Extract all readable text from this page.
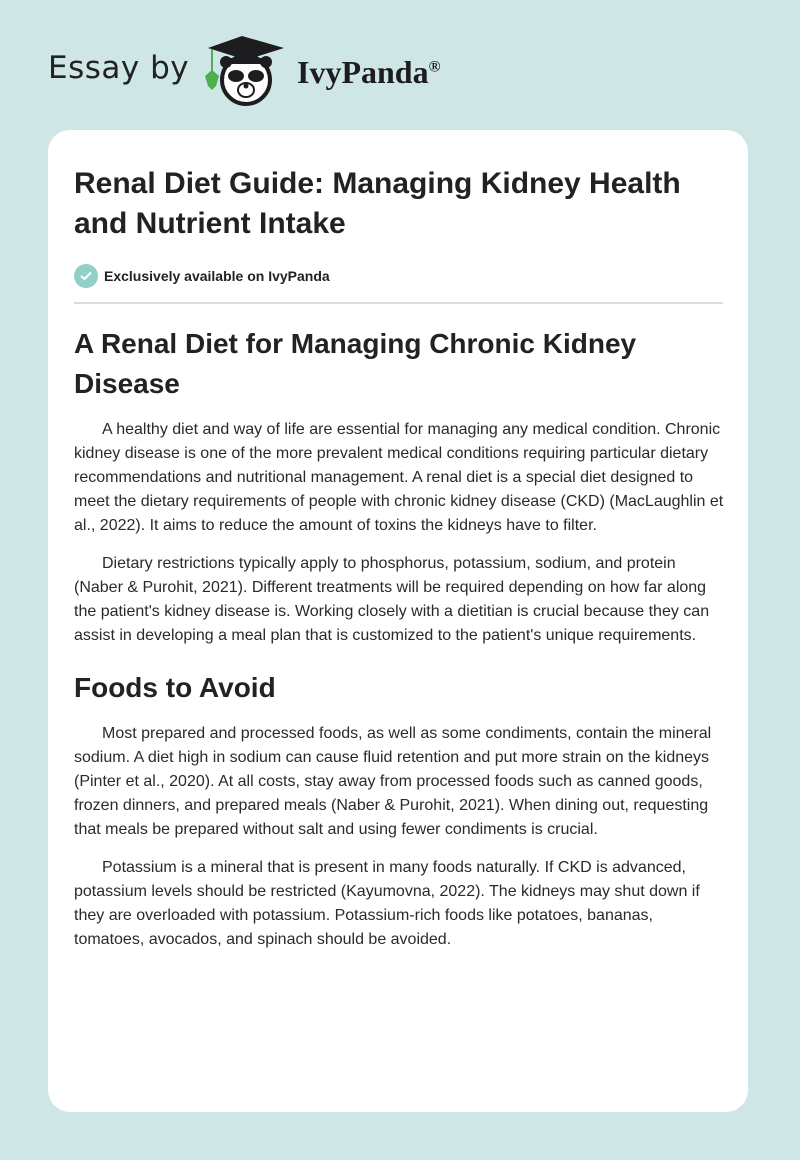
Essay by	IvyPanda®
Renal Diet Guide: Managing Kidney Health and Nutrient Intake
Exclusively available on IvyPanda
A Renal Diet for Managing Chronic Kidney Disease

A healthy diet and way of life are essential for managing any medical condition. Chronic kidney disease is one of the more prevalent medical conditions requiring particular dietary recommendations and nutritional management. A renal diet is a special diet designed to meet the dietary requirements of people with chronic kidney disease (CKD) (MacLaughlin et al., 2022). It aims to reduce the amount of toxins the kidneys have to filter.

Dietary restrictions typically apply to phosphorus, potassium, sodium, and protein (Naber & Purohit, 2021). Different treatments will be required depending on how far along the patient's kidney disease is. Working closely with a dietitian is crucial because they can assist in developing a meal plan that is customized to the patient's unique requirements.

Foods to Avoid

Most prepared and processed foods, as well as some condiments, contain the mineral sodium. A diet high in sodium can cause fluid retention and put more strain on the kidneys (Pinter et al., 2020). At all costs, stay away from processed foods such as canned goods, frozen dinners, and prepared meals (Naber & Purohit, 2021). When dining out, requesting that meals be prepared without salt and using fewer condiments is crucial.

Potassium is a mineral that is present in many foods naturally. If CKD is advanced, potassium levels should be restricted (Kayumovna, 2022). The kidneys may shut down if they are overloaded with potassium. Potassium-rich foods like potatoes, bananas, tomatoes, avocados, and spinach should be avoided.
